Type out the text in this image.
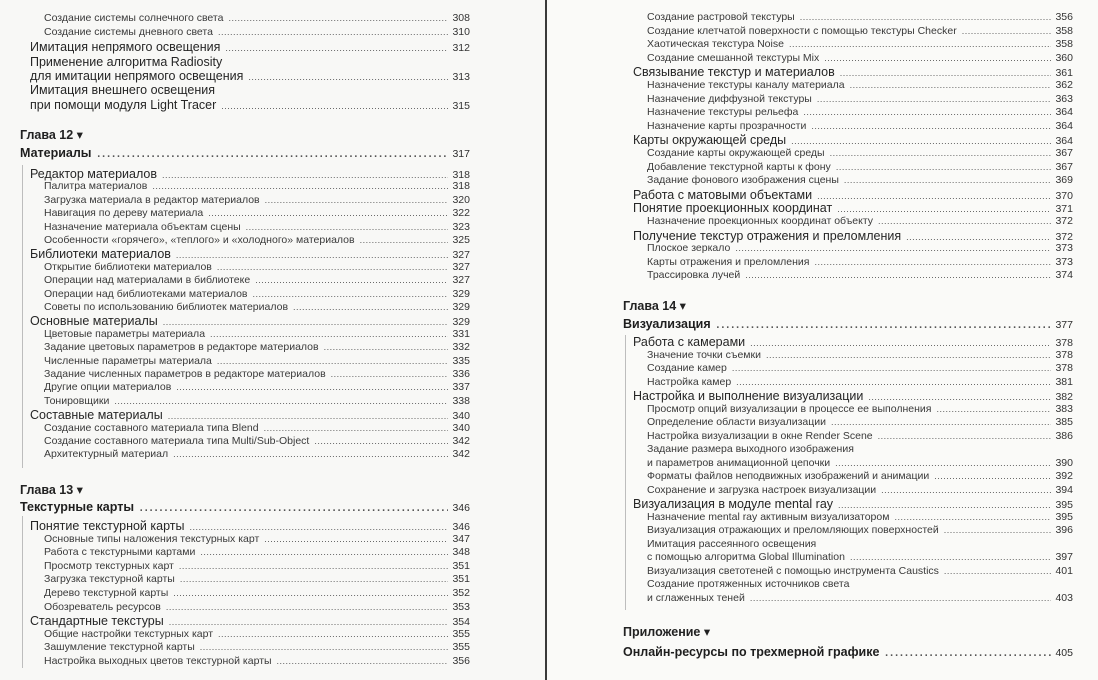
Создание системы солнечного света .....	308
Создание системы дневного света .....	310
Имитация непрямого освещения .....	312
Применение алгоритма Radiosity
для имитации непрямого освещения .....	313
Имитация внешнего освещения
при помощи модуля Light Tracer .....	315
Глава 12 ▾
Материалы .....	317
Редактор материалов .....	318
Палитра материалов .....	318
Загрузка материала в редактор материалов .....	320
Навигация по дереву материала .....	322
Назначение материала объектам сцены .....	323
Особенности «горячего», «теплого» и «холодного» материалов .....	325
Библиотеки материалов .....	327
Открытие библиотеки материалов .....	327
Операции над материалами в библиотеке .....	327
Операции над библиотеками материалов .....	329
Советы по использованию библиотек материалов .....	329
Основные материалы .....	329
Цветовые параметры материала .....	331
Задание цветовых параметров в редакторе материалов .....	332
Численные параметры материала .....	335
Задание численных параметров в редакторе материалов .....	336
Другие опции материалов .....	337
Тонировщики .....	338
Составные материалы .....	340
Создание составного материала типа Blend .....	340
Создание составного материала типа Multi/Sub-Object .....	342
Архитектурный материал .....	342
Глава 13 ▾
Текстурные карты .....	346
Понятие текстурной карты .....	346
Основные типы наложения текстурных карт .....	347
Работа с текстурными картами .....	348
Просмотр текстурных карт .....	351
Загрузка текстурной карты .....	351
Дерево текстурной карты .....	352
Обозреватель ресурсов .....	353
Стандартные текстуры .....	354
Общие настройки текстурных карт .....	355
Зашумление текстурной карты .....	355
Настройка выходных цветов текстурной карты .....	356
Создание растровой текстуры .....	356
Создание клетчатой поверхности с помощью текстуры Checker .....	358
Хаотическая текстура Noise .....	358
Создание смешанной текстуры Mix .....	360
Связывание текстур и материалов .....	361
Назначение текстуры каналу материала .....	362
Назначение диффузной текстуры .....	363
Назначение текстуры рельефа .....	364
Назначение карты прозрачности .....	364
Карты окружающей среды .....	364
Создание карты окружающей среды .....	367
Добавление текстурной карты к фону .....	367
Задание фонового изображения сцены .....	369
Работа с матовыми объектами .....	370
Понятие проекционных координат .....	371
Назначение проекционных координат объекту .....	372
Получение текстур отражения и преломления .....	372
Плоское зеркало .....	373
Карты отражения и преломления .....	373
Трассировка лучей .....	374
Глава 14 ▾
Визуализация .....	377
Работа с камерами .....	378
Значение точки съемки .....	378
Создание камер .....	378
Настройка камер .....	381
Настройка и выполнение визуализации .....	382
Просмотр опций визуализации в процессе ее выполнения .....	383
Определение области визуализации .....	385
Настройка визуализации в окне Render Scene .....	386
Задание размера выходного изображения
и параметров анимационной цепочки .....	390
Форматы файлов неподвижных изображений и анимации .....	392
Сохранение и загрузка настроек визуализации .....	394
Визуализация в модуле mental ray .....	395
Назначение mental ray активным визуализатором .....	395
Визуализация отражающих и преломляющих поверхностей .....	396
Имитация рассеянного освещения
с помощью алгоритма Global Illumination .....	397
Визуализация светотеней с помощью инструмента Caustics .....	401
Создание протяженных источников света
и сглаженных теней .....	403
Приложение ▾
Онлайн-ресурсы по трехмерной графике .....	405
